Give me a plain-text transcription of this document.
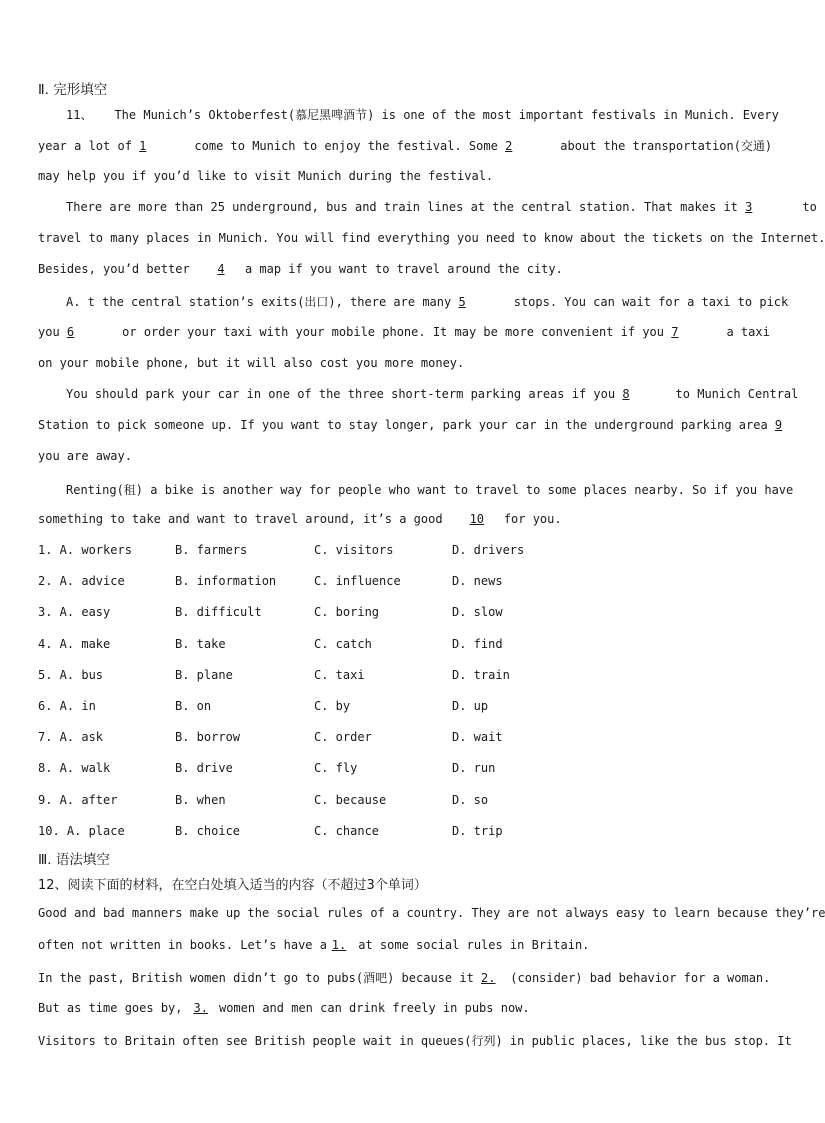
Ⅱ. 完形填空
11、 The Munich’s Oktoberfest(慕尼黑啤酒节) is one of the most important festivals in Munich. Every
year a lot of 1	come to Munich to enjoy the festival. Some 2	about the transportation(交通)
may help you if you’d like to visit Munich during the festival.
There are more than 25 underground, bus and train lines at the central station. That makes it 3	to
travel to many places in Munich. You will find everything you need to know about the tickets on the Internet.
Besides, you’d better 4 a map if you want to travel around the city.
A. t the central station’s exits(出口), there are many 5	stops. You can wait for a taxi to pick
you 6	or order your taxi with your mobile phone. It may be more convenient if you 7	a taxi
on your mobile phone, but it will also cost you more money.
You should park your car in one of the three short-term parking areas if you 8	to Munich Central
Station to pick someone up. If you want to stay longer, park your car in the underground parking area 9
you are away.
Renting(租) a bike is another way for people who want to travel to some places nearby. So if you have
something to take and want to travel around, it’s a good 10 for you.
1. A. workers	B. farmers	C. visitors	D. drivers
2. A. advice	B. information	C. influence	D. news
3. A. easy	B. difficult	C. boring	D. slow
4. A. make	B. take	C. catch	D. find
5. A. bus	B. plane	C. taxi	D. train
6. A. in	B. on	C. by	D. up
7. A. ask	B. borrow	C. order	D. wait
8. A. walk	B. drive	C. fly	D. run
9. A. after	B. when	C. because	D. so
10. A. place	B. choice	C. chance	D. trip
Ⅲ. 语法填空
12、阅读下面的材料，在空白处填入适当的内容（不超过3个单词）
Good and bad manners make up the social rules of a country. They are not always easy to learn because they’re
often not written in books. Let’s have a 1. at some social rules in Britain.
In the past, British women didn’t go to pubs(酒吧) because it 2. (consider) bad behavior for a woman.
But as time goes by, 3. women and men can drink freely in pubs now.
Visitors to Britain often see British people wait in queues(行列) in public places, like the bus stop. It
